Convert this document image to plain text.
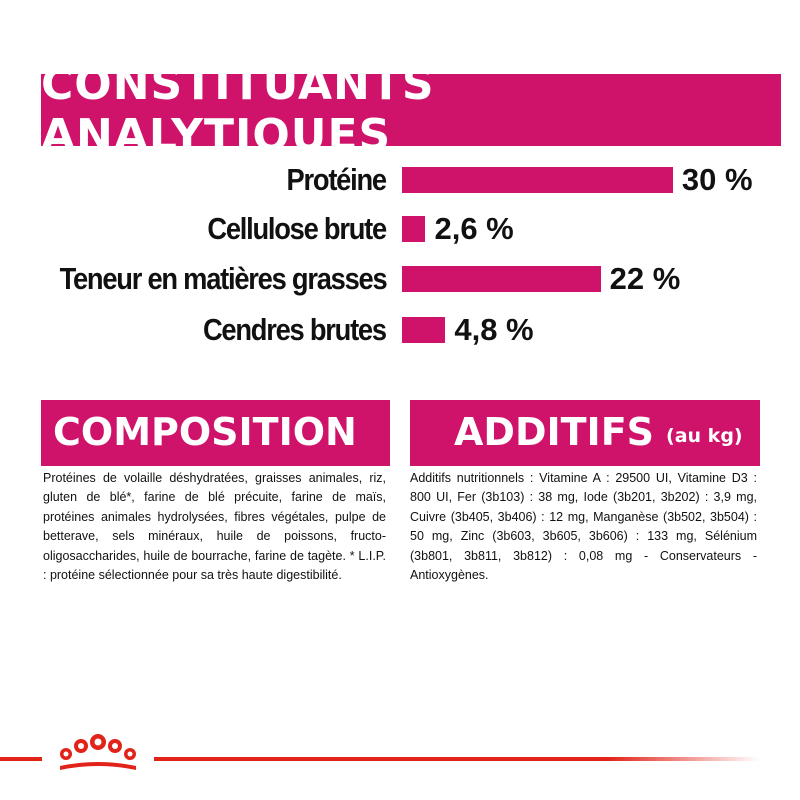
CONSTITUANTS ANALYTIQUES
Protéine	30 %
Cellulose brute 2,6 %
Teneur en matières grasses	22 %
Cendres brutes 4,8 %
COMPOSITION
Protéines de volaille déshydratées, graisses animales, riz, gluten de blé*, farine de blé précuite, farine de maïs, protéines animales hydrolysées, fibres végétales, pulpe de betterave, sels minéraux, huile de poissons, fructo-oligosaccharides, huile de bourrache, farine de tagète. * L.I.P. : protéine sélectionnée pour sa très haute digestibilité.
ADDITIFS (au kg)
Additifs nutritionnels : Vitamine A : 29500 UI, Vitamine D3 : 800 UI, Fer (3b103) : 38 mg, Iode (3b201, 3b202) : 3,9 mg, Cuivre (3b405, 3b406) : 12 mg, Manganèse (3b502, 3b504) : 50 mg, Zinc (3b603, 3b605, 3b606) : 133 mg, Sélénium (3b801, 3b811, 3b812) : 0,08 mg - Conservateurs - Antioxygènes.
